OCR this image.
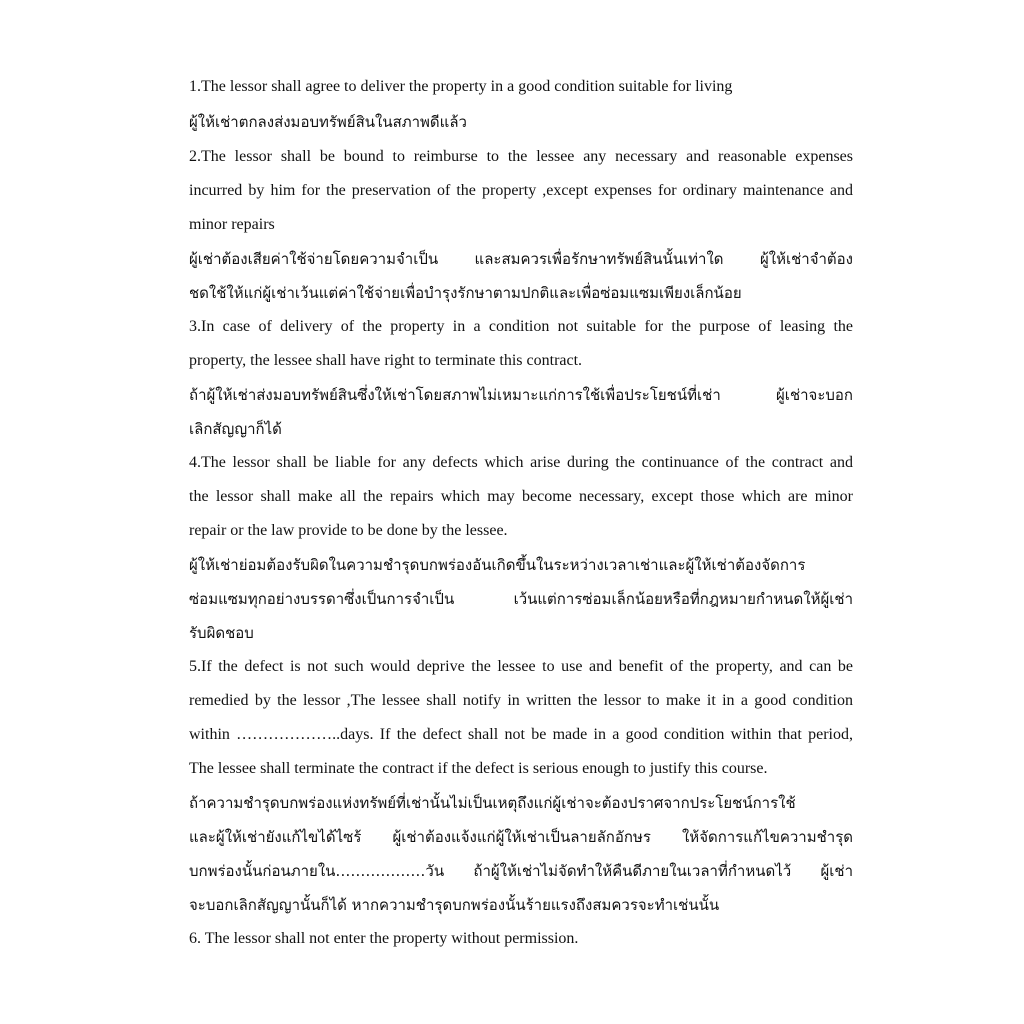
1.The lessor shall agree to deliver the property in a good condition suitable for living

ผู้ให้เช่าตกลงส่งมอบทรัพย์สินในสภาพดีแล้ว

2.The lessor shall be bound to reimburse to the lessee any necessary and reasonable expenses

incurred by him for the preservation of the property ,except expenses for ordinary maintenance and

minor repairs

ผู้เช่าต้องเสียค่าใช้จ่ายโดยความจำเป็น และสมควรเพื่อรักษาทรัพย์สินนั้นเท่าใด ผู้ให้เช่าจำต้อง

ชดใช้ให้แก่ผู้เช่าเว้นแต่ค่าใช้จ่ายเพื่อบำรุงรักษาตามปกติและเพื่อซ่อมแซมเพียงเล็กน้อย

3.In case of delivery of the property in a condition not suitable for the purpose of leasing the

property, the lessee shall have right to terminate this contract.

ถ้าผู้ให้เช่าส่งมอบทรัพย์สินซึ่งให้เช่าโดยสภาพไม่เหมาะแก่การใช้เพื่อประโยชน์ที่เช่า ผู้เช่าจะบอก

เลิกสัญญาก็ได้

4.The lessor shall be liable for any defects which arise during the continuance of the contract and

the lessor shall make all the repairs which may become necessary, except those which are minor

repair or the law provide to be done by the lessee.

ผู้ให้เช่าย่อมต้องรับผิดในความชำรุดบกพร่องอันเกิดขึ้นในระหว่างเวลาเช่าและผู้ให้เช่าต้องจัดการ

ซ่อมแซมทุกอย่างบรรดาซึ่งเป็นการจำเป็น เว้นแต่การซ่อมเล็กน้อยหรือที่กฎหมายกำหนดให้ผู้เช่า

รับผิดชอบ

5.If the defect is not such would deprive the lessee to use and benefit of the property, and can be

remedied by the lessor ,The lessee shall notify in written the lessor to make it in a good condition

within ………………..days. If the defect shall not be made in a good condition within that period,

The lessee shall terminate the contract if the defect is serious enough to justify this course.

ถ้าความชำรุดบกพร่องแห่งทรัพย์ที่เช่านั้นไม่เป็นเหตุถึงแก่ผู้เช่าจะต้องปราศจากประโยชน์การใช้

และผู้ให้เช่ายังแก้ไขได้ไซร้ ผู้เช่าต้องแจ้งแก่ผู้ให้เช่าเป็นลายลักอักษร ให้จัดการแก้ไขความชำรุด

บกพร่องนั้นก่อนภายใน………………วัน ถ้าผู้ให้เช่าไม่จัดทำให้คืนดีภายในเวลาที่กำหนดไว้ ผู้เช่า

จะบอกเลิกสัญญานั้นก็ได้ หากความชำรุดบกพร่องนั้นร้ายแรงถึงสมควรจะทำเช่นนั้น

6. The lessor shall not enter the property without permission.
